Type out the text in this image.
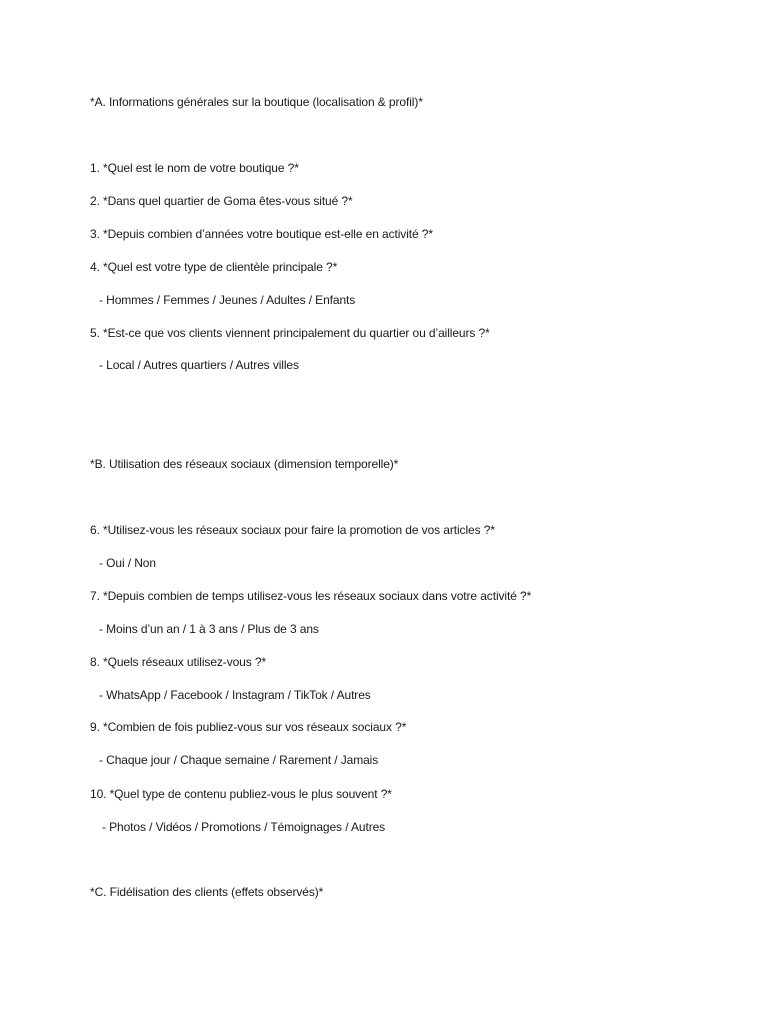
*A. Informations générales sur la boutique (localisation & profil)*
1. *Quel est le nom de votre boutique ?*
2. *Dans quel quartier de Goma êtes-vous situé ?*
3. *Depuis combien d’années votre boutique est-elle en activité ?*
4. *Quel est votre type de clientèle principale ?*
- Hommes / Femmes / Jeunes / Adultes / Enfants
5. *Est-ce que vos clients viennent principalement du quartier ou d’ailleurs ?*
- Local / Autres quartiers / Autres villes
*B. Utilisation des réseaux sociaux (dimension temporelle)*
6. *Utilisez-vous les réseaux sociaux pour faire la promotion de vos articles ?*
- Oui / Non
7. *Depuis combien de temps utilisez-vous les réseaux sociaux dans votre activité ?*
- Moins d’un an / 1 à 3 ans / Plus de 3 ans
8. *Quels réseaux utilisez-vous ?*
- WhatsApp / Facebook / Instagram / TikTok / Autres
9. *Combien de fois publiez-vous sur vos réseaux sociaux ?*
- Chaque jour / Chaque semaine / Rarement / Jamais
10. *Quel type de contenu publiez-vous le plus souvent ?*
- Photos / Vidéos / Promotions / Témoignages / Autres
*C. Fidélisation des clients (effets observés)*
